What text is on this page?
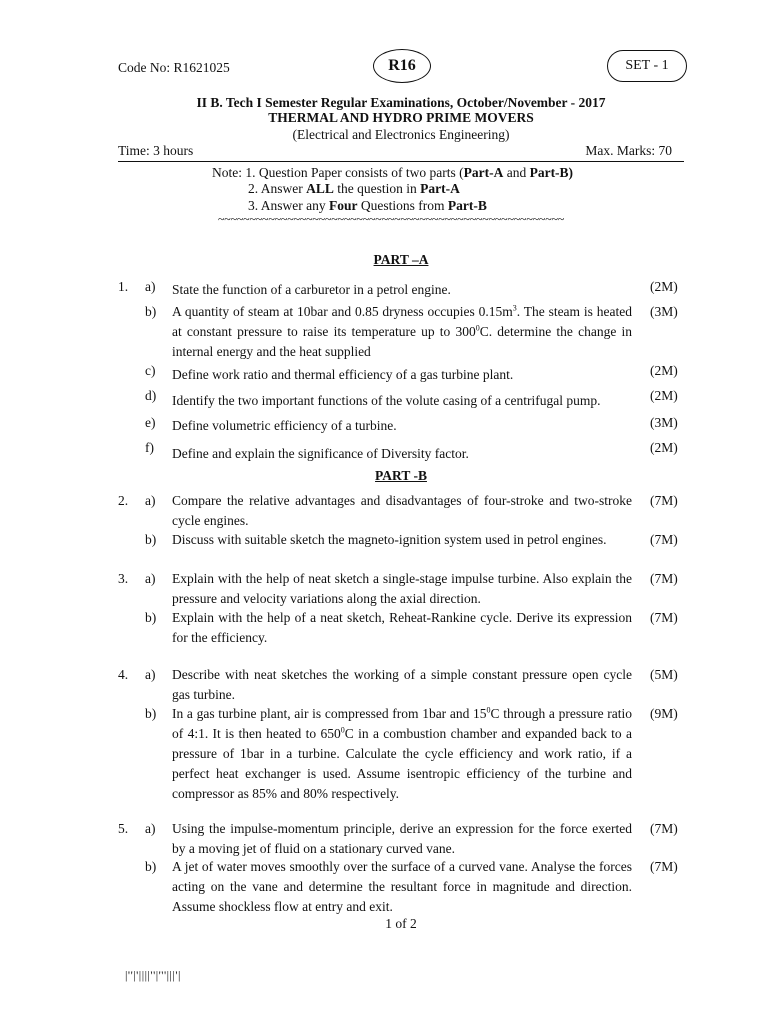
Code No: R1621025	R16	SET - 1
II B. Tech I Semester Regular Examinations, October/November - 2017
THERMAL AND HYDRO PRIME MOVERS
(Electrical and Electronics Engineering)
Time: 3 hours	Max. Marks: 70
Note: 1. Question Paper consists of two parts (Part-A and Part-B)
2. Answer ALL the question in Part-A
3. Answer any Four Questions from Part-B
~~~~~~~~~~~~~~~~~~~~~~~~~~~~~~~~~~~~~~~~~~~~~~~~~~~~~~~
PART –A
1. a) State the function of a carburetor in a petrol engine.	(2M)
b) A quantity of steam at 10bar and 0.85 dryness occupies $0.15m^3$. The steam is heated at constant pressure to raise its temperature up to $300^0C$. determine the change in internal energy and the heat supplied
(3M)
c) Define work ratio and thermal efficiency of a gas turbine plant.	(2M)
d) Identify the two important functions of the volute casing of a centrifugal pump.	(2M)
e) Define volumetric efficiency of a turbine.	(3M)
f) Define and explain the significance of Diversity factor.	(2M)
PART -B
2. a) Compare the relative advantages and disadvantages of four-stroke and two-stroke cycle engines.
(7M)
b) Discuss with suitable sketch the magneto-ignition system used in petrol engines.	(7M)
3. a) Explain with the help of neat sketch a single-stage impulse turbine. Also explain the pressure and velocity variations along the axial direction.
(7M)
b) Explain with the help of a neat sketch, Reheat-Rankine cycle. Derive its expression for the efficiency.
(7M)
4. a) Describe with neat sketches the working of a simple constant pressure open cycle gas turbine.
(5M)
b) In a gas turbine plant, air is compressed from 1bar and $15^0C$ through a pressure ratio of 4:1. It is then heated to $650^0C$ in a combustion chamber and expanded back to a pressure of 1bar in a turbine. Calculate the cycle efficiency and work ratio, if a perfect heat exchanger is used. Assume isentropic efficiency of the turbine and compressor as 85% and 80% respectively.
(9M)
5. a) Using the impulse-momentum principle, derive an expression for the force exerted by a moving jet of fluid on a stationary curved vane.
(7M)
b) A jet of water moves smoothly over the surface of a curved vane. Analyse the forces acting on the vane and determine the resultant force in magnitude and direction. Assume shockless flow at entry and exit.
(7M)
1 of 2
|''|'||||''|'''|||'|
